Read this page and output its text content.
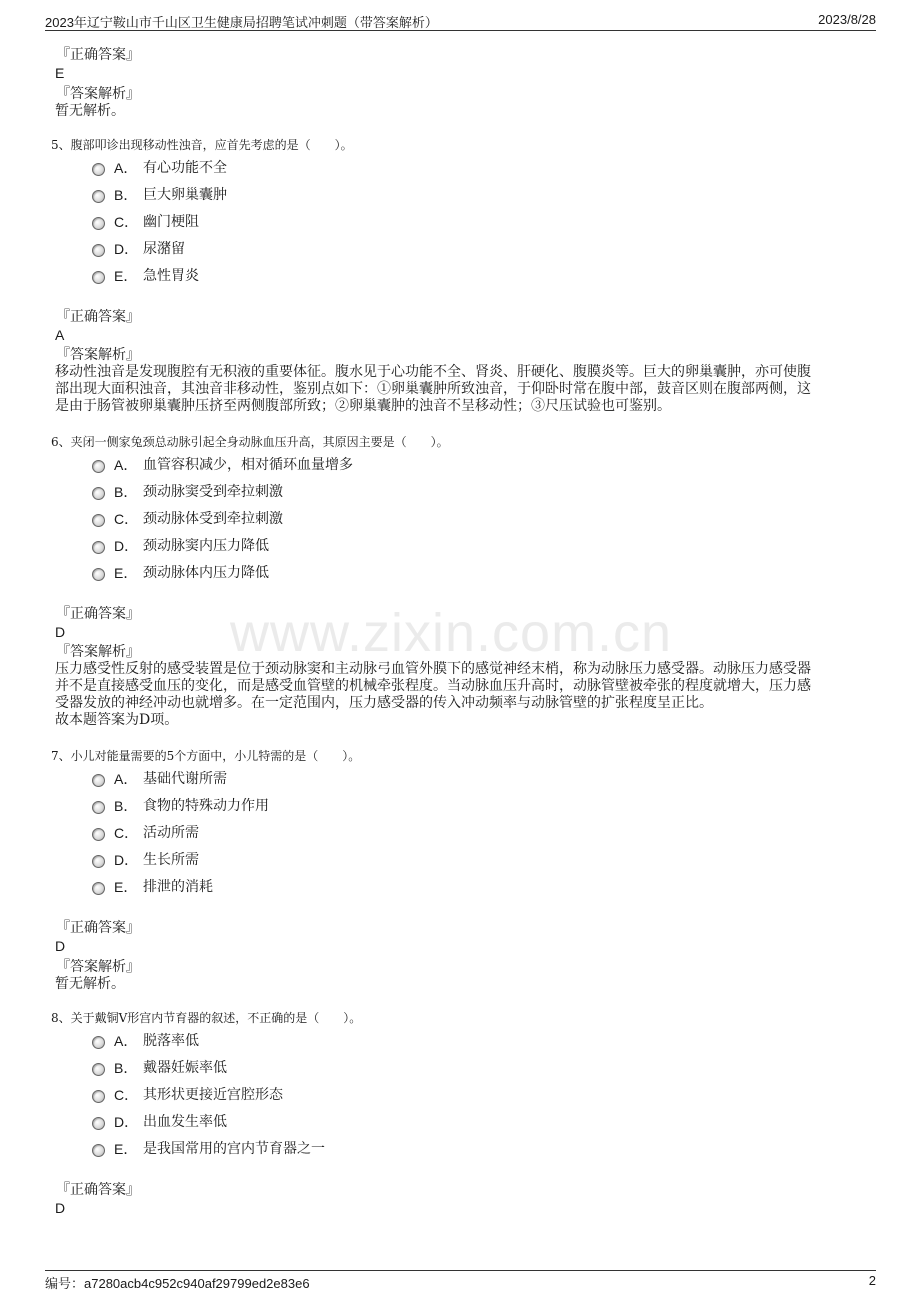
2023年辽宁鞍山市千山区卫生健康局招聘笔试冲刺题（带答案解析）	2023/8/28
www.zixin.com.cn
『正确答案』
E
『答案解析』

暂无解析。

5、腹部叩诊出现移动性浊音，应首先考虑的是（　　）。
A． 有心功能不全
B． 巨大卵巢囊肿
C． 幽门梗阻
D． 尿潴留
E． 急性胃炎
『正确答案』
A
『答案解析』

移动性浊音是发现腹腔有无积液的重要体征。腹水见于心功能不全、肾炎、肝硬化、腹膜炎等。巨大的卵巢囊肿，亦可使腹

部出现大面积浊音，其浊音非移动性，鉴别点如下：①卵巢囊肿所致浊音，于仰卧时常在腹中部，鼓音区则在腹部两侧，这

是由于肠管被卵巢囊肿压挤至两侧腹部所致；②卵巢囊肿的浊音不呈移动性；③尺压试验也可鉴别。

6、夹闭一侧家兔颈总动脉引起全身动脉血压升高，其原因主要是（　　）。
A． 血管容积减少，相对循环血量增多
B． 颈动脉窦受到牵拉刺激
C． 颈动脉体受到牵拉刺激
D． 颈动脉窦内压力降低
E． 颈动脉体内压力降低
『正确答案』
D
『答案解析』

压力感受性反射的感受装置是位于颈动脉窦和主动脉弓血管外膜下的感觉神经末梢，称为动脉压力感受器。动脉压力感受器

并不是直接感受血压的变化，而是感受血管壁的机械牵张程度。当动脉血压升高时，动脉管壁被牵张的程度就增大，压力感

受器发放的神经冲动也就增多。在一定范围内，压力感受器的传入冲动频率与动脉管壁的扩张程度呈正比。

故本题答案为D项。

7、小儿对能量需要的5个方面中，小儿特需的是（　　）。
A． 基础代谢所需
B． 食物的特殊动力作用
C． 活动所需
D． 生长所需
E． 排泄的消耗
『正确答案』
D
『答案解析』

暂无解析。

8、关于戴铜V形宫内节育器的叙述，不正确的是（　　）。
A． 脱落率低
B． 戴器妊娠率低
C． 其形状更接近宫腔形态
D． 出血发生率低
E． 是我国常用的宫内节育器之一
『正确答案』
D
编号：a7280acb4c952c940af29799ed2e83e6	2
